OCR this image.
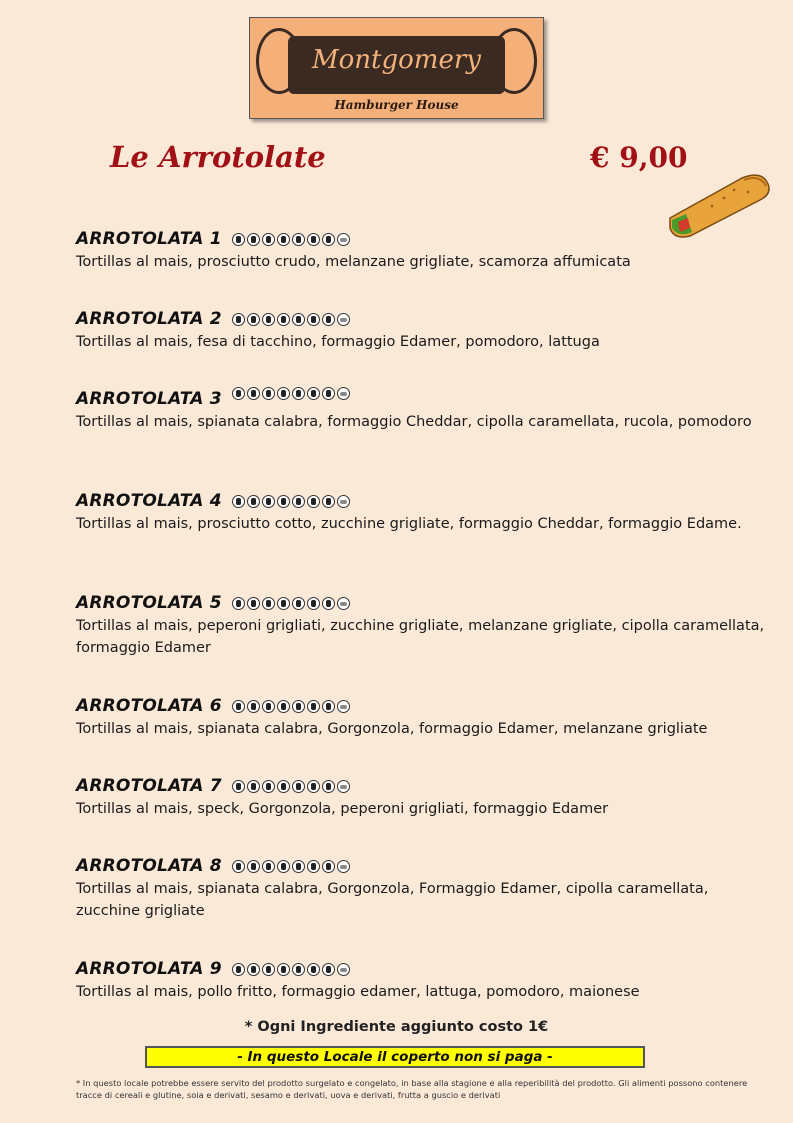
Montgomery
Hamburger House
Le Arrotolate	€ 9,00
ARROTOLATA 1
Tortillas al mais, prosciutto crudo, melanzane grigliate, scamorza affumicata
ARROTOLATA 2
Tortillas al mais, fesa di tacchino, formaggio Edamer, pomodoro, lattuga
ARROTOLATA 3
Tortillas al mais, spianata calabra, formaggio Cheddar, cipolla caramellata, rucola, pomodoro
ARROTOLATA 4
Tortillas al mais, prosciutto cotto, zucchine grigliate, formaggio Cheddar, formaggio Edame.
ARROTOLATA 5
Tortillas al mais, peperoni grigliati, zucchine grigliate, melanzane grigliate, cipolla caramellata, formaggio Edamer
ARROTOLATA 6
Tortillas al mais, spianata calabra, Gorgonzola, formaggio Edamer, melanzane grigliate
ARROTOLATA 7
Tortillas al mais, speck, Gorgonzola, peperoni grigliati, formaggio Edamer
ARROTOLATA 8
Tortillas al mais, spianata calabra, Gorgonzola, Formaggio Edamer, cipolla caramellata, zucchine grigliate
ARROTOLATA 9
Tortillas al mais, pollo fritto, formaggio edamer, lattuga, pomodoro, maionese
* Ogni Ingrediente aggiunto costo 1€
- In questo Locale il coperto non si paga -
* In questo locale potrebbe essere servito del prodotto surgelato e congelato, in base alla stagione e alla reperibilità del prodotto. Gli alimenti possono contenere tracce di cereali e glutine, soia e derivati, sesamo e derivati, uova e derivati, frutta a guscio e derivati
